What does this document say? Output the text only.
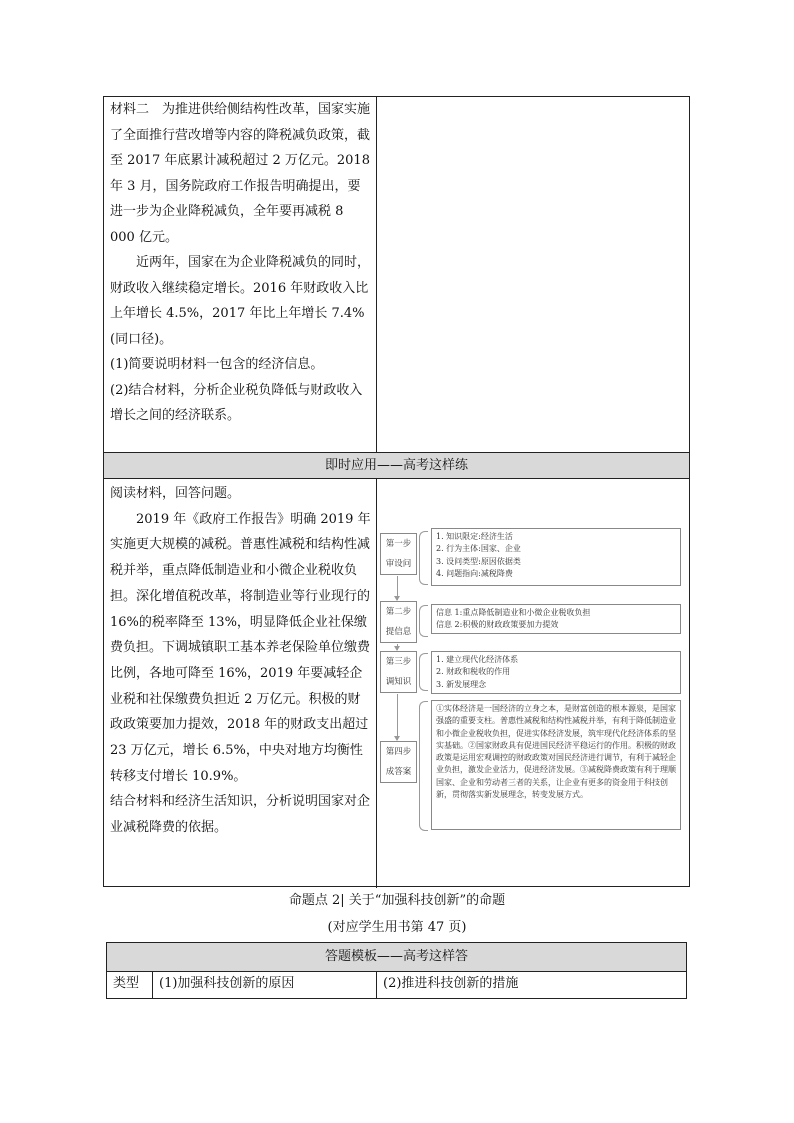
材料二　为推进供给侧结构性改革，国家实施了全面推行营改增等内容的降税减负政策，截至 2017 年底累计减税超过 2 万亿元。2018 年 3 月，国务院政府工作报告明确提出，要进一步为企业降税减负，全年要再减税 8 000 亿元。

近两年，国家在为企业降税减负的同时，财政收入继续稳定增长。2016 年财政收入比上年增长 4.5%，2017 年比上年增长 7.4%(同口径)。

(1)简要说明材料一包含的经济信息。

(2)结合材料，分析企业税负降低与财政收入增长之间的经济联系。

即时应用——高考这样练

阅读材料，回答问题。

2019 年《政府工作报告》明确 2019 年实施更大规模的减税。普惠性减税和结构性减税并举，重点降低制造业和小微企业税收负担。深化增值税改革，将制造业等行业现行的 16%的税率降至 13%，明显降低企业社保缴费负担。下调城镇职工基本养老保险单位缴费比例，各地可降至 16%，2019 年要减轻企业税和社保缴费负担近 2 万亿元。积极的财政政策要加力提效，2018 年的财政支出超过 23 万亿元，增长 6.5%，中央对地方均衡性转移支付增长 10.9%。

结合材料和经济生活知识，分析说明国家对企业减税降费的依据。

第一步
审设问
1. 知识限定:经济生活
2. 行为主体:国家、企业
3. 设问类型:原因依据类
4. 问题指向:减税降费
第二步
提信息
信息 1:重点降低制造业和小微企业税收负担
信息 2:积极的财政政策要加力提效
第三步
调知识
1. 建立现代化经济体系
2. 财政和税收的作用
3. 新发展理念
第四步
成答案
①实体经济是一国经济的立身之本，是财富创造的根本源泉，是国家强盛的重要支柱。普惠性减税和结构性减税并举，有利于降低制造业和小微企业税收负担，促进实体经济发展，筑牢现代化经济体系的坚实基础。②国家财政具有促进国民经济平稳运行的作用。积极的财政政策是运用宏观调控的财政政策对国民经济进行调节，有利于减轻企业负担，激发企业活力，促进经济发展。③减税降费政策有利于理顺国家、企业和劳动者三者的关系，让企业有更多的资金用于科技创新，贯彻落实新发展理念，转变发展方式。
命题点 2| 关于“加强科技创新”的命题
(对应学生用书第 47 页)
答题模板——高考这样答
类型	(1)加强科技创新的原因	(2)推进科技创新的措施
